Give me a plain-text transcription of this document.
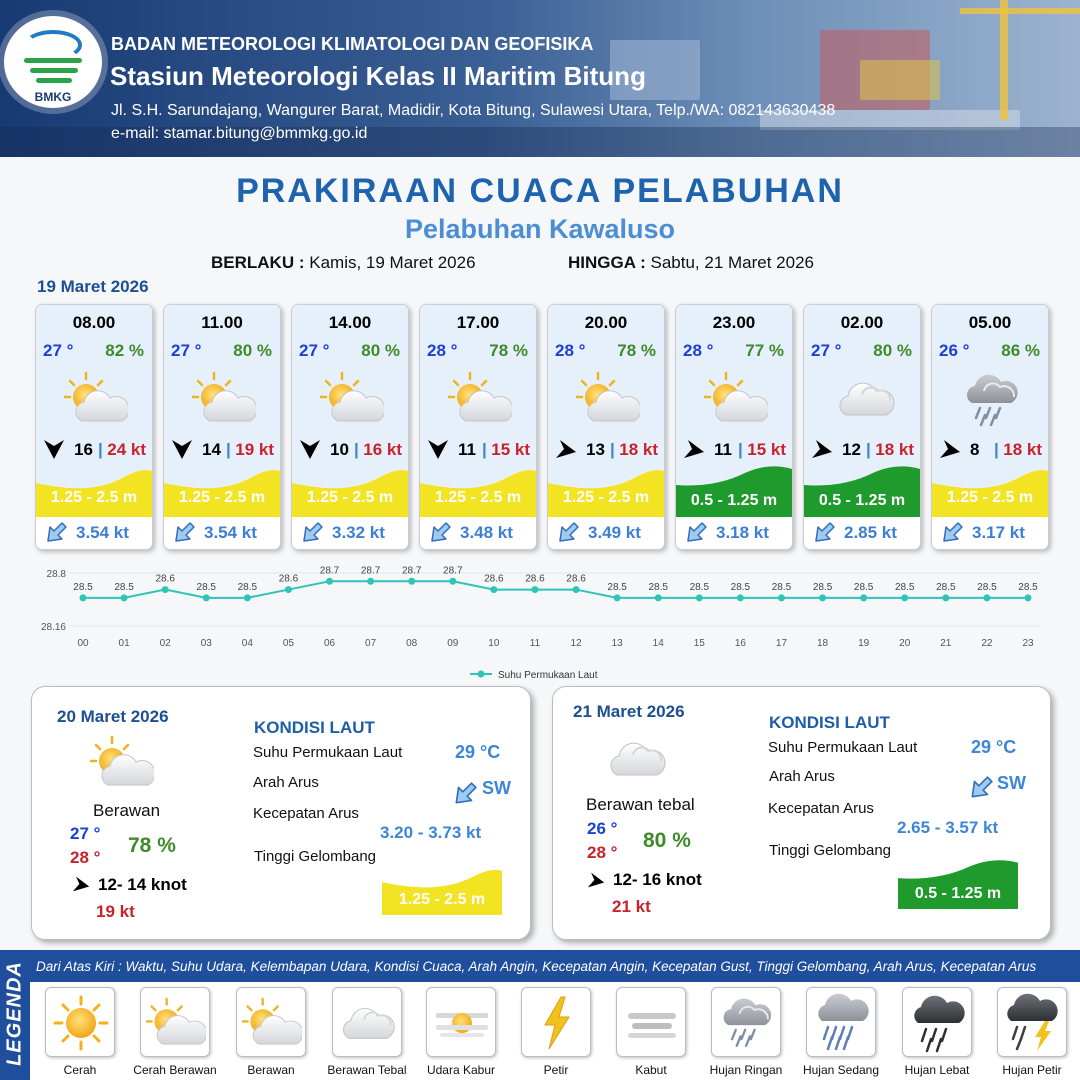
BMKG
BADAN METEOROLOGI KLIMATOLOGI DAN GEOFISIKA
Stasiun Meteorologi Kelas II Maritim Bitung
Jl. S.H. Sarundajang, Wangurer Barat, Madidir, Kota Bitung, Sulawesi Utara, Telp./WA: 082143630438
e-mail: stamar.bitung@bmmkg.go.id
PRAKIRAAN CUACA PELABUHAN
Pelabuhan Kawaluso
BERLAKU : Kamis, 19 Maret 2026	HINGGA : Sabtu, 21 Maret 2026
19 Maret 2026
08.00
27 ° 82 %
16 | 24 kt
1.25 - 2.5 m
3.54 kt
11.00
27 ° 80 %
14 | 19 kt
1.25 - 2.5 m
3.54 kt
14.00
27 ° 80 %
10 | 16 kt
1.25 - 2.5 m
3.32 kt
17.00
28 ° 78 %
11 | 15 kt
1.25 - 2.5 m
3.48 kt
20.00
28 ° 78 %
13 | 18 kt
1.25 - 2.5 m
3.49 kt
23.00
28 ° 77 %
11 | 15 kt
0.5 - 1.25 m
3.18 kt
02.00
27 ° 80 %
12 | 18 kt
0.5 - 1.25 m
2.85 kt
05.00
26 ° 86 %
8 | 18 kt
1.25 - 2.5 m
3.17 kt
28.8
28.16
28.5
00
28.5
01
28.6
02
28.5
03
28.5
04
28.6
05
28.7
06
28.7
07
28.7
08
28.7
09
28.6
10
28.6
11
28.6
12
28.5
13
28.5
14
28.5
15
28.5
16
28.5
17
28.5
18
28.5
19
28.5
20
28.5
21
28.5
22
28.5
23
Suhu Permukaan Laut
20 Maret 2026
Berawan
27 °
28 °
78 %
12- 14 knot
19 kt
KONDISI LAUT
Suhu Permukaan Laut	29 °C
Arah Arus	SW
Kecepatan Arus
3.20 - 3.73 kt
Tinggi Gelombang
1.25 - 2.5 m
21 Maret 2026
Berawan tebal
26 °
28 °
80 %
12- 16 knot
21 kt
KONDISI LAUT
Suhu Permukaan Laut	29 °C
Arah Arus	SW
Kecepatan Arus
2.65 - 3.57 kt
Tinggi Gelombang
0.5 - 1.25 m
LEGENDA Dari Atas Kiri : Waktu, Suhu Udara, Kelembapan Udara, Kondisi Cuaca, Arah Angin, Kecepatan Angin, Kecepatan Gust, Tinggi Gelombang, Arah Arus, Kecepatan Arus
Cerah	Cerah Berawan	Berawan	Berawan Tebal	Udara Kabur	Petir	Kabut	Hujan Ringan	Hujan Sedang	Hujan Lebat	Hujan Petir
